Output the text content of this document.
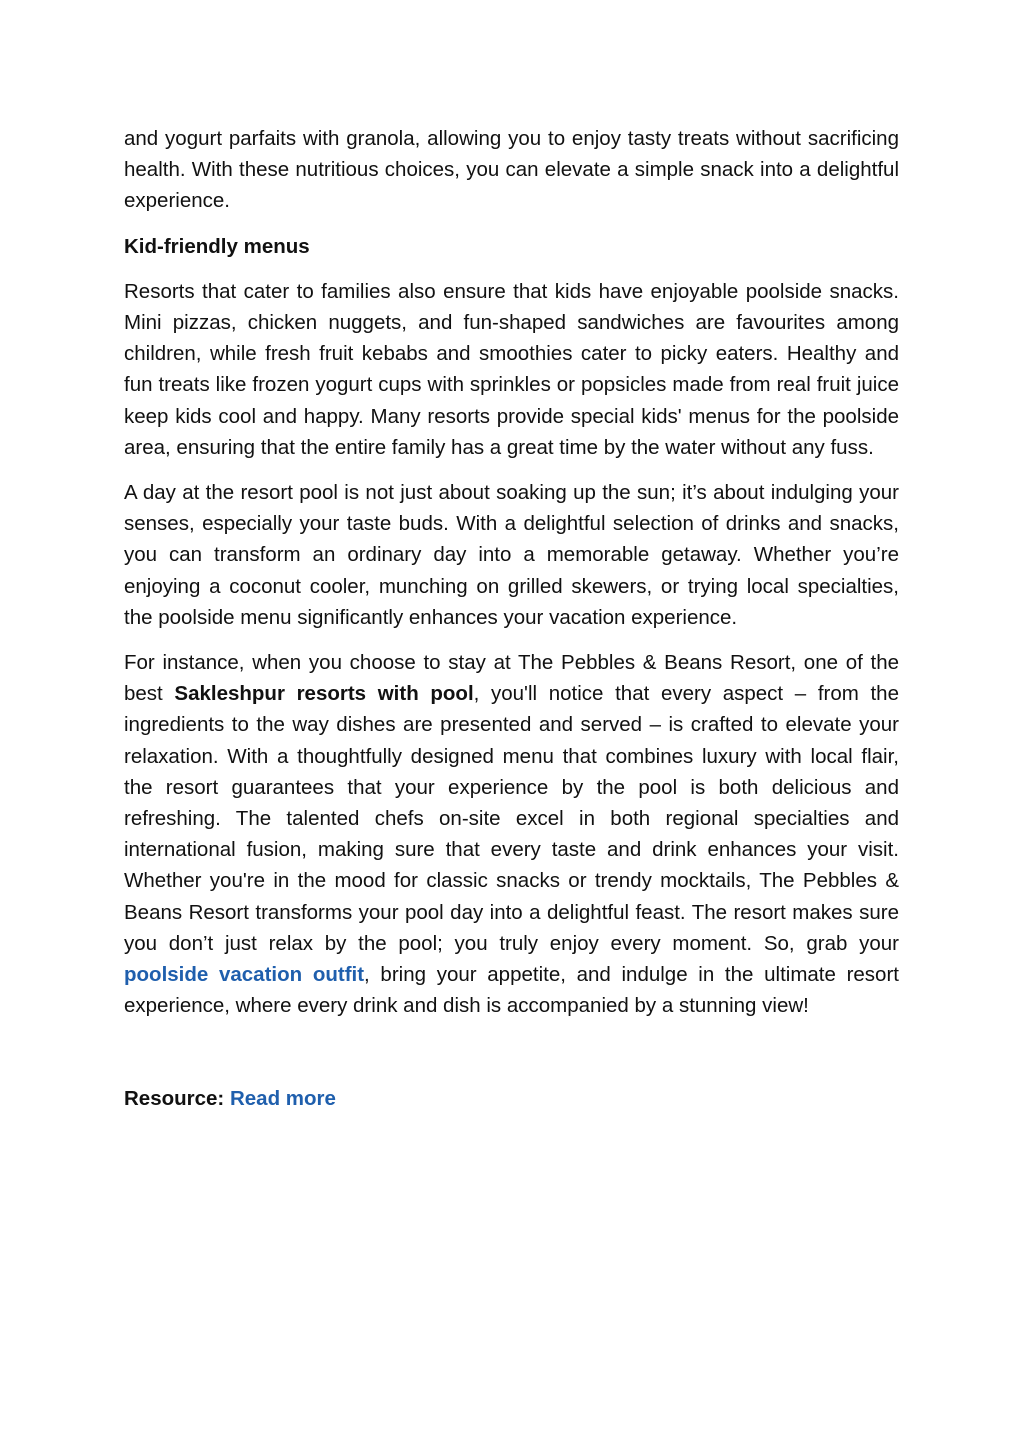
and yogurt parfaits with granola, allowing you to enjoy tasty treats without sacrificing health. With these nutritious choices, you can elevate a simple snack into a delightful experience.

Kid-friendly menus

Resorts that cater to families also ensure that kids have enjoyable poolside snacks. Mini pizzas, chicken nuggets, and fun-shaped sandwiches are favourites among children, while fresh fruit kebabs and smoothies cater to picky eaters. Healthy and fun treats like frozen yogurt cups with sprinkles or popsicles made from real fruit juice keep kids cool and happy. Many resorts provide special kids' menus for the poolside area, ensuring that the entire family has a great time by the water without any fuss.

A day at the resort pool is not just about soaking up the sun; it’s about indulging your senses, especially your taste buds. With a delightful selection of drinks and snacks, you can transform an ordinary day into a memorable getaway. Whether you’re enjoying a coconut cooler, munching on grilled skewers, or trying local specialties, the poolside menu significantly enhances your vacation experience.

For instance, when you choose to stay at The Pebbles & Beans Resort, one of the best Sakleshpur resorts with pool, you'll notice that every aspect – from the ingredients to the way dishes are presented and served – is crafted to elevate your relaxation. With a thoughtfully designed menu that combines luxury with local flair, the resort guarantees that your experience by the pool is both delicious and refreshing. The talented chefs on-site excel in both regional specialties and international fusion, making sure that every taste and drink enhances your visit. Whether you're in the mood for classic snacks or trendy mocktails, The Pebbles & Beans Resort transforms your pool day into a delightful feast. The resort makes sure you don’t just relax by the pool; you truly enjoy every moment. So, grab your poolside vacation outfit, bring your appetite, and indulge in the ultimate resort experience, where every drink and dish is accompanied by a stunning view!

Resource: Read more
